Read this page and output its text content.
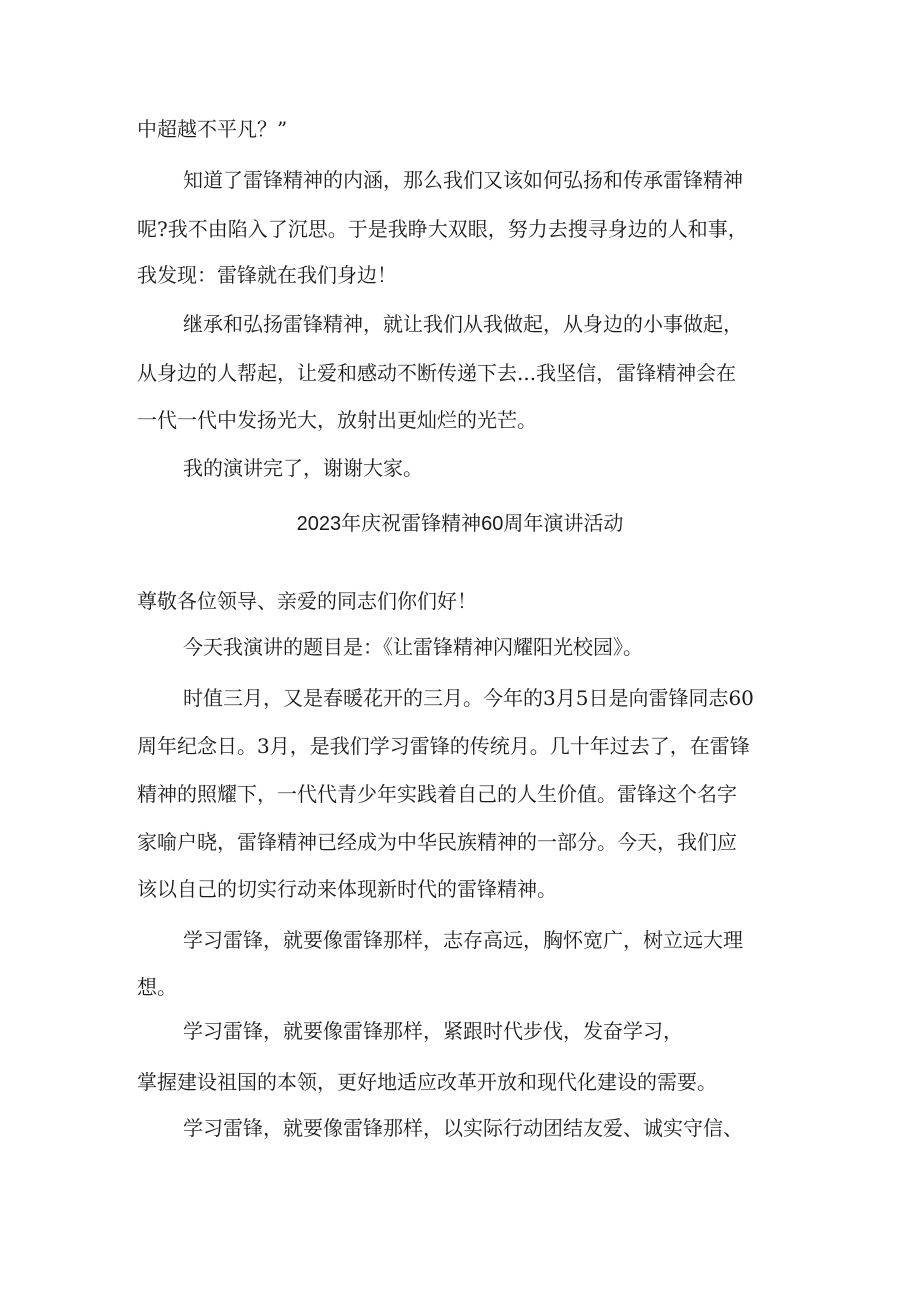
中超越不平凡？”
知道了雷锋精神的内涵，那么我们又该如何弘扬和传承雷锋精神
呢?我不由陷入了沉思。于是我睁大双眼，努力去搜寻身边的人和事，
我发现：雷锋就在我们身边！
继承和弘扬雷锋精神，就让我们从我做起，从身边的小事做起，
从身边的人帮起，让爱和感动不断传递下去...我坚信，雷锋精神会在
一代一代中发扬光大，放射出更灿烂的光芒。
我的演讲完了，谢谢大家。
2023年庆祝雷锋精神60周年演讲活动
尊敬各位领导、亲爱的同志们你们好！
今天我演讲的题目是：《让雷锋精神闪耀阳光校园》。
时值三月，又是春暖花开的三月。今年的3月5日是向雷锋同志60
周年纪念日。3月，是我们学习雷锋的传统月。几十年过去了，在雷锋
精神的照耀下，一代代青少年实践着自己的人生价值。雷锋这个名字
家喻户晓，雷锋精神已经成为中华民族精神的一部分。今天，我们应
该以自己的切实行动来体现新时代的雷锋精神。
学习雷锋，就要像雷锋那样，志存高远，胸怀宽广，树立远大理
想。
学习雷锋，就要像雷锋那样，紧跟时代步伐，发奋学习，
掌握建设祖国的本领，更好地适应改革开放和现代化建设的需要。
学习雷锋，就要像雷锋那样，以实际行动团结友爱、诚实守信、
